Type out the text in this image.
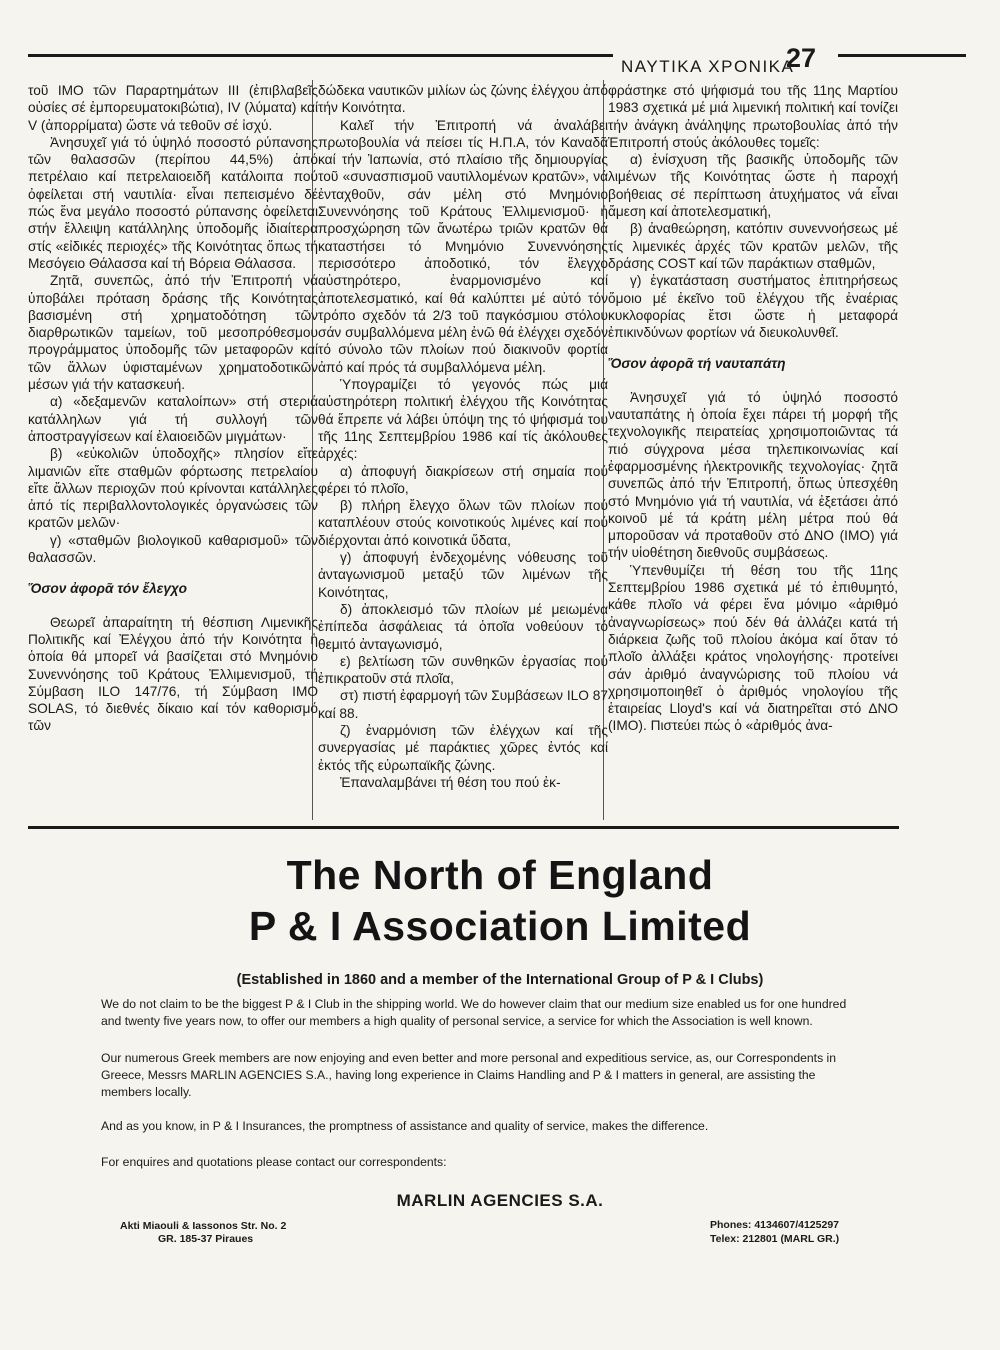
ΝΑΥΤΙΚΑ ΧΡΟΝΙΚΑ
27

τοῦ ΙΜΟ τῶν Παραρτημάτων III (ἐπιβλαβεῖς οὐσίες σέ ἐμπορευματοκιβώτια), IV (λύματα) καί V (ἀπορρίματα) ὥστε νά τεθοῦν σέ ἰσχύ.

Ἀνησυχεῖ γιά τό ὑψηλό ποσοστό ρύπανσης τῶν θαλασσῶν (περίπου 44,5%) ἀπό πετρέλαιο καί πετρελαιοειδῆ κατάλοιπα πού ὀφείλεται στή ναυτιλία· εἶναι πεπεισμένο δέ πώς ἕνα μεγάλο ποσοστό ρύπανσης ὀφείλεται στήν ἔλλειψη κατάλληλης ὑποδομῆς ἰδιαίτερα στίς «εἰδικές περιοχές» τῆς Κοινότητας ὅπως τή Μεσόγειο Θάλασσα καί τή Βόρεια Θάλασσα.

Ζητᾶ, συνεπῶς, ἀπό τήν Ἐπιτροπή νά ὑποβάλει πρόταση δράσης τῆς Κοινότητας βασισμένη στή χρηματοδότηση τῶν διαρθρωτικῶν ταμείων, τοῦ μεσοπρόθεσμου προγράμματος ὑποδομῆς τῶν μεταφορῶν καί τῶν ἄλλων ὑφισταμένων χρηματοδοτικῶν μέσων γιά τήν κατασκευή.

α) «δεξαμενῶν καταλοίπων» στή στεριά κατάλληλων γιά τή συλλογή τῶν ἀποστραγγίσεων καί ἐλαιοειδῶν μιγμάτων·

β) «εὐκολιῶν ὑποδοχῆς» πλησίον εἴτε λιμανιῶν εἴτε σταθμῶν φόρτωσης πετρελαίου εἴτε ἄλλων περιοχῶν πού κρίνονται κατάλληλες ἀπό τίς περιβαλλοντολογικές ὀργανώσεις τῶν κρατῶν μελῶν·

γ) «σταθμῶν βιολογικοῦ καθαρισμοῦ» τῶν θαλασσῶν.

Ὅσον ἀφορᾶ τόν ἔλεγχο

Θεωρεῖ ἀπαραίτητη τή θέσπιση Λιμενικῆς Πολιτικῆς καί Ἐλέγχου ἀπό τήν Κοινότητα ἡ ὁποία θά μπορεῖ νά βασίζεται στό Μνημόνιο Συνεννόησης τοῦ Κράτους Ἐλλιμενισμοῦ, τή Σύμβαση ILO 147/76, τή Σύμβαση IMO SOLAS, τό διεθνές δίκαιο καί τόν καθορισμό τῶν

δώδεκα ναυτικῶν μιλίων ὡς ζώνης ἐλέγχου ἀπό τήν Κοινότητα.

Καλεῖ τήν Ἐπιτροπή νά ἀναλάβει πρωτοβουλία νά πείσει τίς Η.Π.Α, τόν Καναδᾶ καί τήν Ἰαπωνία, στό πλαίσιο τῆς δημιουργίας τοῦ «συνασπισμοῦ ναυτιλλομένων κρατῶν», νά ἐνταχθοῦν, σάν μέλη στό Μνημόνιο Συνεννόησης τοῦ Κράτους Ἐλλιμενισμοῦ· ἡ προσχώρηση τῶν ἄνωτέρω τριῶν κρατῶν θά καταστήσει τό Μνημόνιο Συνεννόησης περισσότερο ἀποδοτικό, τόν ἔλεγχο αὐστηρότερο, ἐναρμονισμένο καί ἀποτελεσματικό, καί θά καλύπτει μέ αὐτό τόν τρόπο σχεδόν τά 2/3 τοῦ παγκόσμιου στόλου σάν συμβαλλόμενα μέλη ἐνῶ θά ἐλέγχει σχεδόν τό σύνολο τῶν πλοίων πού διακινοῦν φορτία ἀπό καί πρός τά συμβαλλόμενα μέλη.

Ὑπογραμίζει τό γεγονός πώς μιά αὐστηρότερη πολιτική ἐλέγχου τῆς Κοινότητας θά ἔπρεπε νά λάβει ὑπόψη της τό ψήφισμά του τῆς 11ης Σεπτεμβρίου 1986 καί τίς ἀκόλουθες ἀρχές:

α) ἀποφυγή διακρίσεων στή σημαία πού φέρει τό πλοῖο,

β) πλήρη ἔλεγχο ὅλων τῶν πλοίων πού καταπλέουν στούς κοινοτικούς λιμένες καί πού διέρχονται ἀπό κοινοτικά ὕδατα,

γ) ἀποφυγή ἐνδεχομένης νόθευσης τοῦ ἀνταγωνισμοῦ μεταξύ τῶν λιμένων τῆς Κοινότητας,

δ) ἀποκλεισμό τῶν πλοίων μέ μειωμένα ἐπίπεδα ἀσφάλειας τά ὁποῖα νοθεύουν τό θεμιτό ἀνταγωνισμό,

ε) βελτίωση τῶν συνθηκῶν ἐργασίας πού ἐπικρατοῦν στά πλοῖα,

στ) πιστή ἐφαρμογή τῶν Συμβάσεων ILO 87 καί 88.

ζ) ἐναρμόνιση τῶν ἐλέγχων καί τῆς συνεργασίας μέ παράκτιες χῶρες ἐντός καί ἐκτός τῆς εὐρωπαϊκῆς ζώνης.

Ἐπαναλαμβάνει τή θέση του πού ἐκ-

φράστηκε στό ψήφισμά του τῆς 11ης Μαρτίου 1983 σχετικά μέ μιά λιμενική πολιτική καί τονίζει τήν ἀνάγκη ἀνάληψης πρωτοβουλίας ἀπό τήν Ἐπιτροπή στούς ἀκόλουθες τομεῖς:

α) ἐνίσχυση τῆς βασικῆς ὑποδομῆς τῶν λιμένων τῆς Κοινότητας ὥστε ἡ παροχή βοήθειας σέ περίπτωση ἀτυχήματος νά εἶναι ἄμεση καί ἀποτελεσματική,

β) ἀναθεώρηση, κατόπιν συνεννοήσεως μέ τίς λιμενικές ἀρχές τῶν κρατῶν μελῶν, τῆς δράσης COST καί τῶν παράκτιων σταθμῶν,

γ) ἐγκατάσταση συστήματος ἐπιτηρήσεως ὅμοιο μέ ἐκεῖνο τοῦ ἐλέγχου τῆς ἐναέριας κυκλοφορίας ἔτσι ὥστε ἡ μεταφορά ἐπικινδύνων φορτίων νά διευκολυνθεῖ.

Ὅσον ἀφορᾶ τή ναυταπάτη

Ἀνησυχεῖ γιά τό ὑψηλό ποσοστό ναυταπάτης ἡ ὁποία ἔχει πάρει τή μορφή τῆς τεχνολογικῆς πειρατείας χρησιμοποιῶντας τά πιό σύγχρονα μέσα τηλεπικοινωνίας καί ἐφαρμοσμένης ἠλεκτρονικῆς τεχνολογίας· ζητᾶ συνεπῶς ἀπό τήν Ἐπιτροπή, ὅπως ὑπεσχέθη στό Μνημόνιο γιά τή ναυτιλία, νά ἐξετάσει ἀπό κοινοῦ μέ τά κράτη μέλη μέτρα πού θά μποροῦσαν νά προταθοῦν στό ΔΝΟ (ΙΜΟ) γιά τήν υἱοθέτηση διεθνοῦς συμβάσεως.

Ὑπενθυμίζει τή θέση του τῆς 11ης Σεπτεμβρίου 1986 σχετικά μέ τό ἐπιθυμητό, κάθε πλοῖο νά φέρει ἕνα μόνιμο «ἀριθμό ἀναγνωρίσεως» πού δέν θά ἀλλάζει κατά τή διάρκεια ζωῆς τοῦ πλοίου ἀκόμα καί ὅταν τό πλοῖο ἀλλάξει κράτος νηολογήσης· προτείνει σάν ἀριθμό ἀναγνώρισης τοῦ πλοίου νά χρησιμοποιηθεῖ ὁ ἀριθμός νηολογίου τῆς ἑταιρείας Lloyd's καί νά διατηρεῖται στό ΔΝΟ (ΙΜΟ). Πιστεύει πώς ὁ «ἀριθμός ἀνα-

The North of England
P & I Association Limited
(Established in 1860 and a member of the International Group of P & I Clubs)

We do not claim to be the biggest P & I Club in the shipping world. We do however claim that our medium size enabled us for one hundred and twenty five years now, to offer our members a high quality of personal service, a service for which the Association is well known.

Our numerous Greek members are now enjoying and even better and more personal and expeditious service, as, our Correspondents in Greece, Messrs MARLIN AGENCIES S.A., having long experience in Claims Handling and P & I matters in general, are assisting the members locally.

And as you know, in P & I Insurances, the promptness of assistance and quality of service, makes the difference.

For enquires and quotations please contact our correspondents:

MARLIN AGENCIES S.A.
Akti Miaouli & Iassonos Str. No. 2
GR. 185-37 Piraues
Phones: 4134607/4125297
Telex: 212801 (MARL GR.)
